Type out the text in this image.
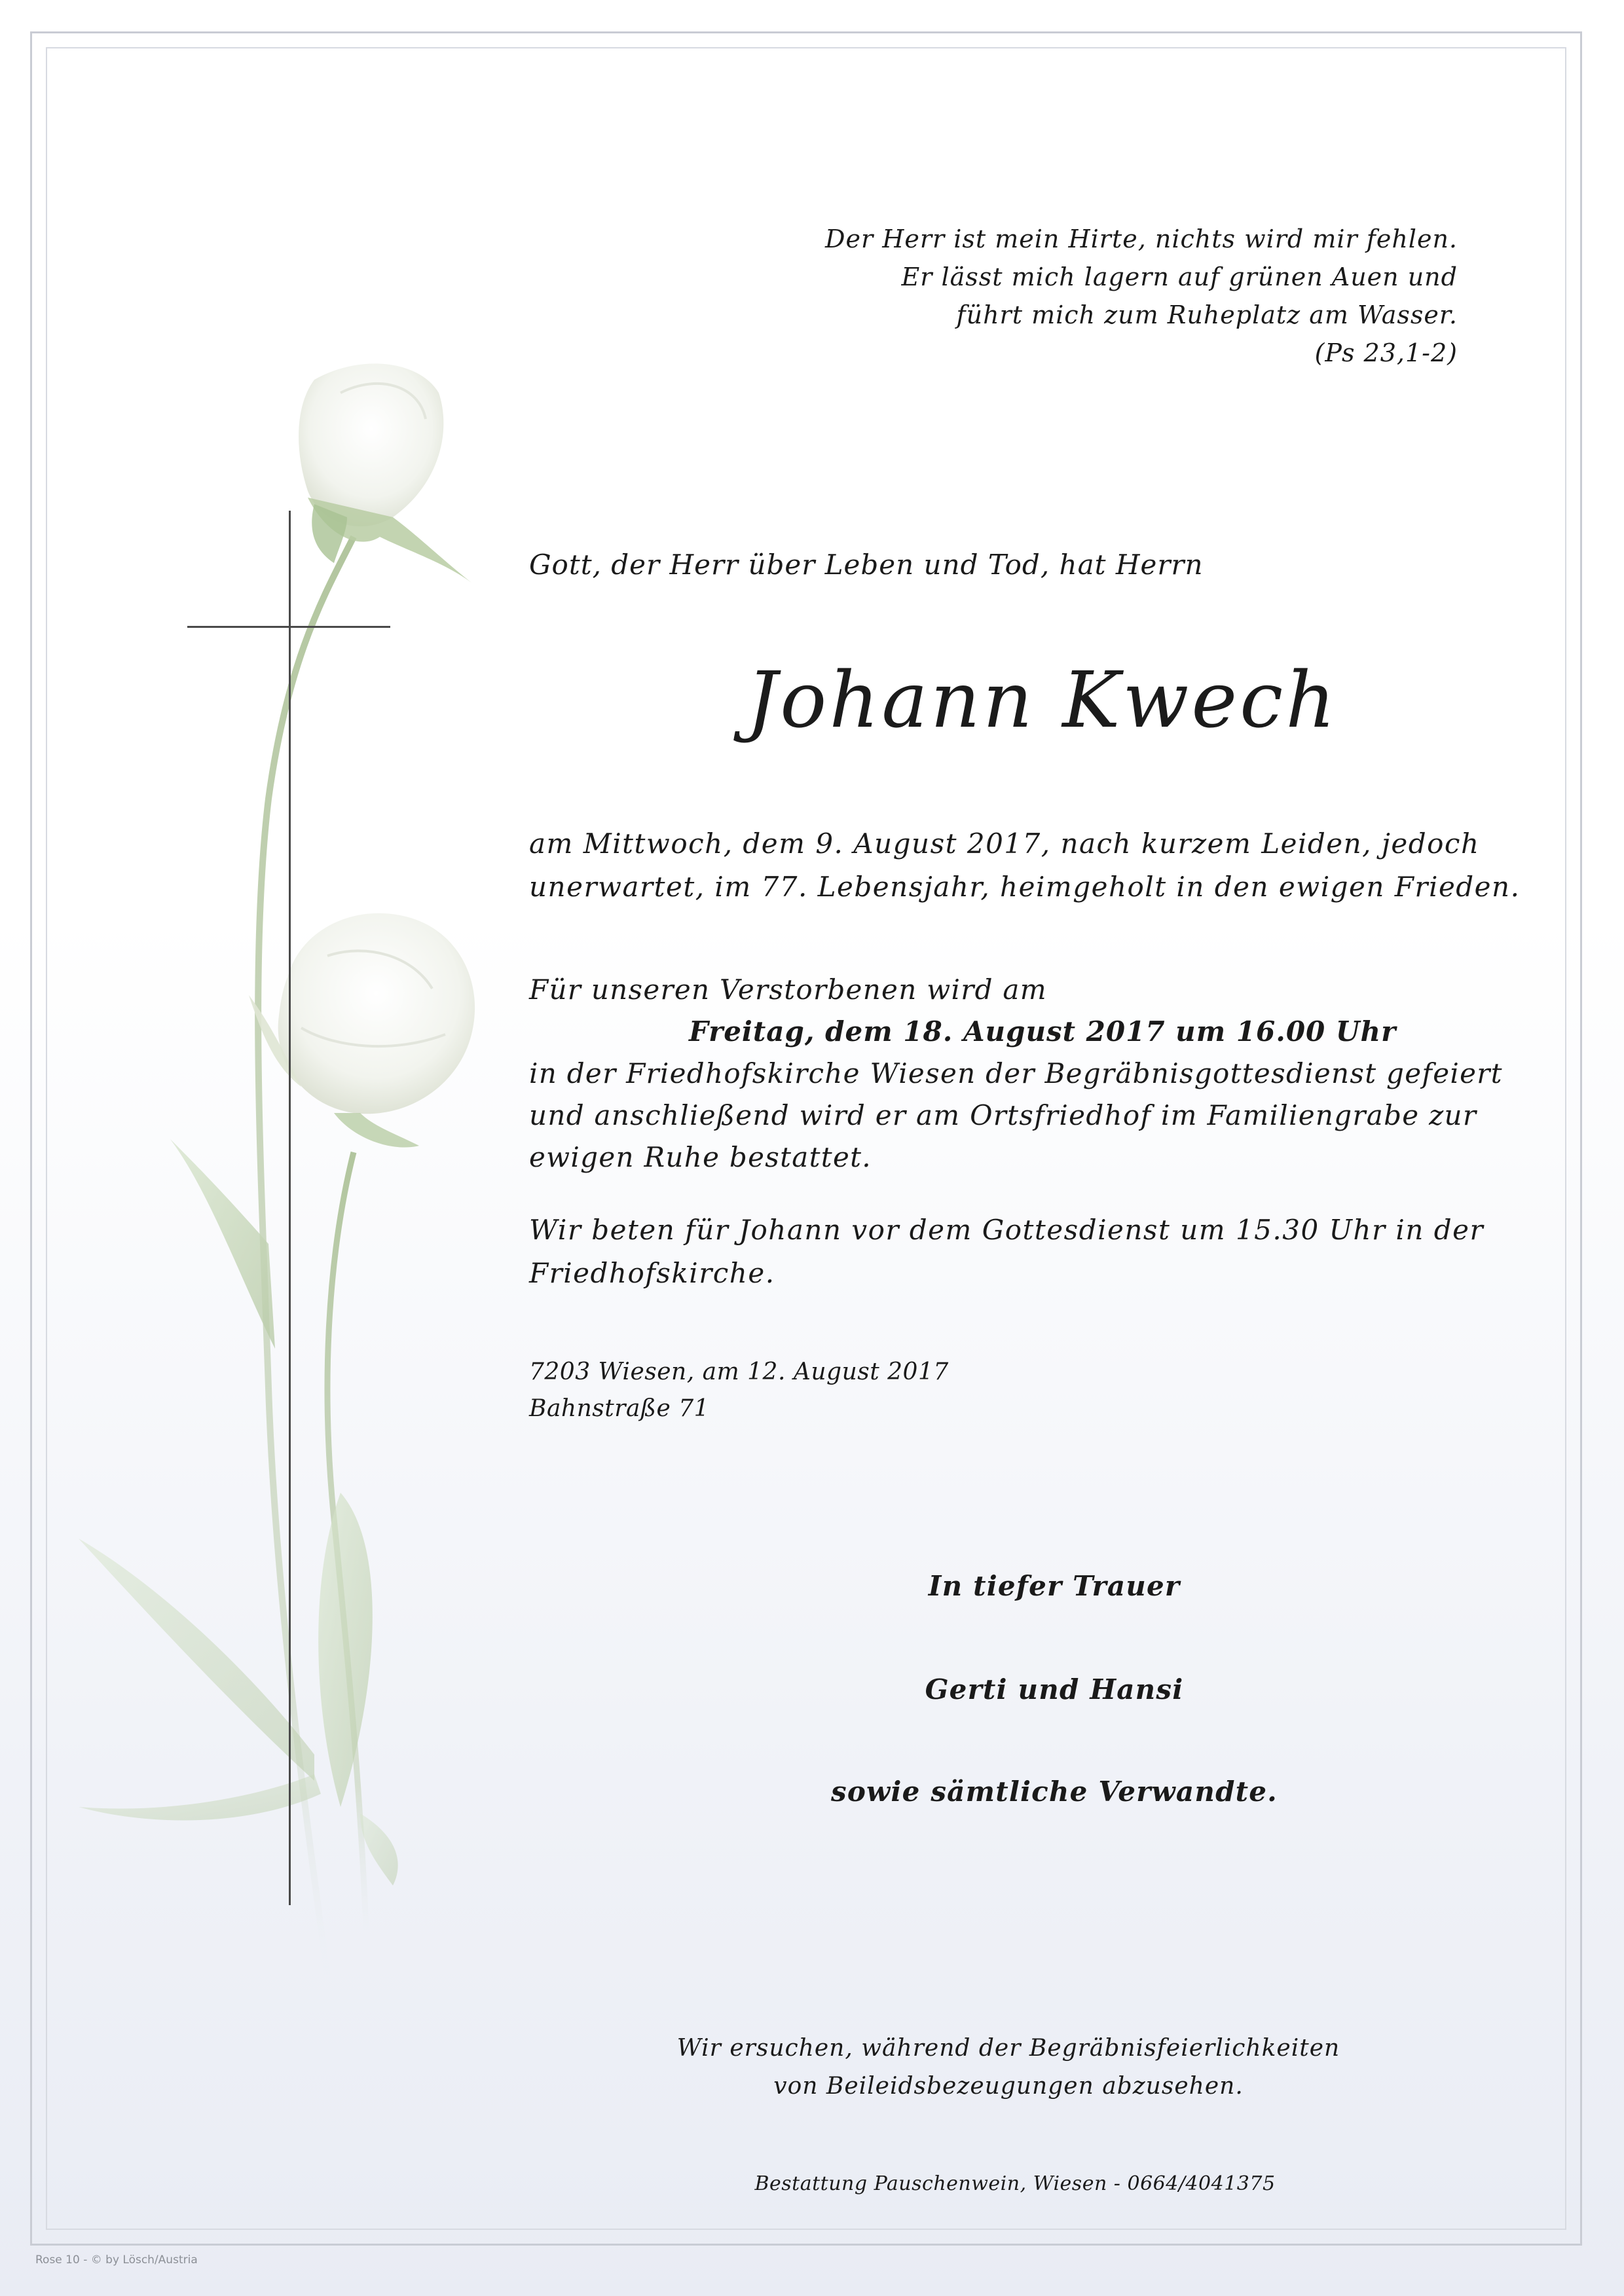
Der Herr ist mein Hirte, nichts wird mir fehlen.
Er lässt mich lagern auf grünen Auen und
führt mich zum Ruheplatz am Wasser.
(Ps 23,1-2)
Gott, der Herr über Leben und Tod, hat Herrn
Johann Kwech
am Mittwoch, dem 9. August 2017, nach kurzem Leiden, jedoch
unerwartet, im 77. Lebensjahr, heimgeholt in den ewigen Frieden.
Für unseren Verstorbenen wird am
Freitag, dem 18. August 2017 um 16.00 Uhr
in der Friedhofskirche Wiesen der Begräbnisgottesdienst gefeiert
und anschließend wird er am Ortsfriedhof im Familiengrabe zur
ewigen Ruhe bestattet.
Wir beten für Johann vor dem Gottesdienst um 15.30 Uhr in der
Friedhofskirche.
7203 Wiesen, am 12. August 2017
Bahnstraße 71
In tiefer Trauer
Gerti und Hansi
sowie sämtliche Verwandte.
Wir ersuchen, während der Begräbnisfeierlichkeiten
von Beileidsbezeugungen abzusehen.
Bestattung Pauschenwein, Wiesen - 0664/4041375
Rose 10 - © by Lösch/Austria
